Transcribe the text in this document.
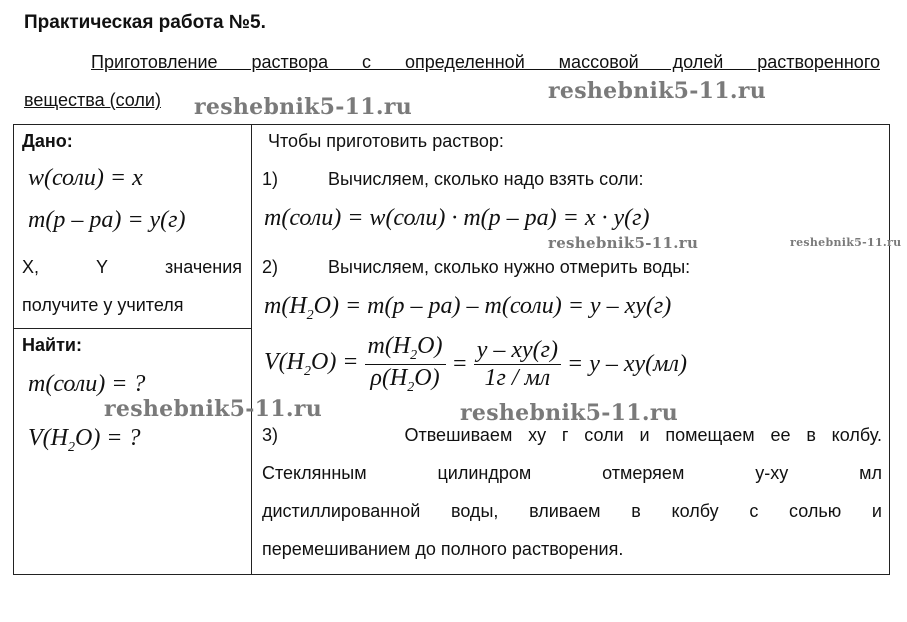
Практическая работа №5.
Приготовление раствора с определенной массовой долей растворенного
вещества (соли) reshebnik5-11.ru
reshebnik5-11.ru
Дано:
w(соли) = x
m(р – ра) = y(г)
X, Y значения
получите у учителя

Чтобы приготовить раствор:
1)	Вычисляем, сколько надо взять соли:
m(соли) = w(соли) · m(р – ра) = x · y(г)
2)	Вычисляем, сколько нужно отмерить воды:
$m(H_2O) = m(р - ра)$ – m(соли) = y – xy(г)
$V(H_2O) = \frac{m(H_2O)}{\rho(H_2O)} = \frac{y - xy(г)}{1г / мл} = y - xy(мл)$
3)	Отвешиваем xy г соли и помещаем ее в колбу.
Стеклянным цилиндром отмеряем y-xy мл
дистиллированной воды, вливаем в колбу с солью и
перемешиванием до полного растворения.

Найти:
m(соли) = ?
$V(H_2O)$ = ?
reshebnik5-11.ru	reshebnik5-11.ru
reshebnik5-11.ru	reshebnik5-11.ru
